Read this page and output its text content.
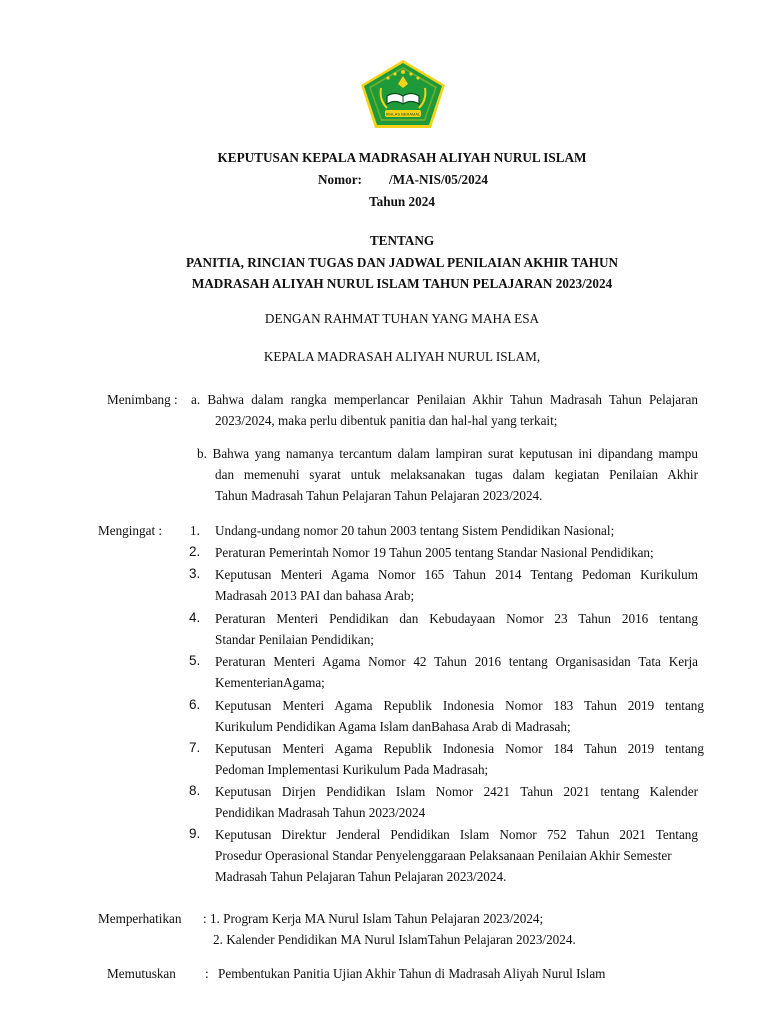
IKHLAS BERAMAL
KEPUTUSAN KEPALA MADRASAH ALIYAH NURUL ISLAM
Nomor: /MA-NIS/05/2024
Tahun 2024
TENTANG
PANITIA, RINCIAN TUGAS DAN JADWAL PENILAIAN AKHIR TAHUN
MADRASAH ALIYAH NURUL ISLAM TAHUN PELAJARAN 2023/2024
DENGAN RAHMAT TUHAN YANG MAHA ESA
KEPALA MADRASAH ALIYAH NURUL ISLAM,
Menimbang : a. Bahwa dalam rangka memperlancar Penilaian Akhir Tahun Madrasah Tahun Pelajaran
2023/2024, maka perlu dibentuk panitia dan hal-hal yang terkait;
b. Bahwa yang namanya tercantum dalam lampiran surat keputusan ini dipandang mampu
dan memenuhi syarat untuk melaksanakan tugas dalam kegiatan Penilaian Akhir
Tahun Madrasah Tahun Pelajaran Tahun Pelajaran 2023/2024.
Mengingat : 1. Undang-undang nomor 20 tahun 2003 tentang Sistem Pendidikan Nasional;
2. Peraturan Pemerintah Nomor 19 Tahun 2005 tentang Standar Nasional Pendidikan;
3. Keputusan Menteri Agama Nomor 165 Tahun 2014 Tentang Pedoman Kurikulum
Madrasah 2013 PAI dan bahasa Arab;
4. Peraturan Menteri Pendidikan dan Kebudayaan Nomor 23 Tahun 2016 tentang
Standar Penilaian Pendidikan;
5. Peraturan Menteri Agama Nomor 42 Tahun 2016 tentang Organisasidan Tata Kerja
KementerianAgama;
6. Keputusan Menteri Agama Republik Indonesia Nomor 183 Tahun 2019 tentang
Kurikulum Pendidikan Agama Islam danBahasa Arab di Madrasah;
7. Keputusan Menteri Agama Republik Indonesia Nomor 184 Tahun 2019 tentang
Pedoman Implementasi Kurikulum Pada Madrasah;
8. Keputusan Dirjen Pendidikan Islam Nomor 2421 Tahun 2021 tentang Kalender
Pendidikan Madrasah Tahun 2023/2024
9. Keputusan Direktur Jenderal Pendidikan Islam Nomor 752 Tahun 2021 Tentang
Prosedur Operasional Standar Penyelenggaraan Pelaksanaan Penilaian Akhir Semester
Madrasah Tahun Pelajaran Tahun Pelajaran 2023/2024.
Memperhatikan : 1. Program Kerja MA Nurul Islam Tahun Pelajaran 2023/2024;
2. Kalender Pendidikan MA Nurul IslamTahun Pelajaran 2023/2024.
Memutuskan : Pembentukan Panitia Ujian Akhir Tahun di Madrasah Aliyah Nurul Islam
